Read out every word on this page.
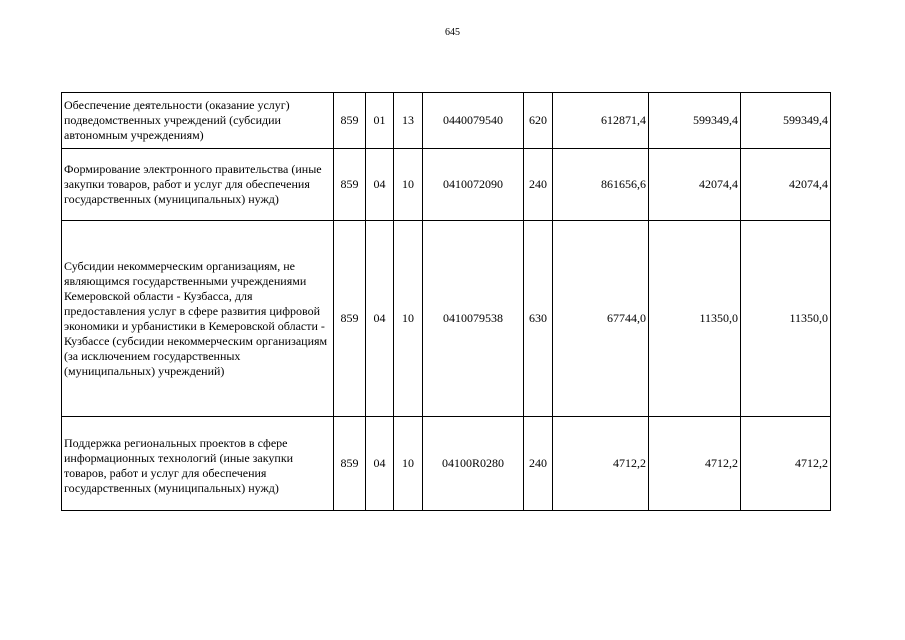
645
Обеспечение деятельности (оказание услуг) подведомственных учреждений (субсидии автономным учреждениям)	859	01	13	0440079540	620	612871,4	599349,4	599349,4
Формирование электронного правительства (иные закупки товаров, работ и услуг для обеспечения государственных (муниципальных) нужд)	859	04	10	0410072090	240	861656,6	42074,4	42074,4
Субсидии некоммерческим организациям, не являющимся государственными учреждениями Кемеровской области - Кузбасса, для предоставления услуг в сфере развития цифровой экономики и урбанистики в Кемеровской области - Кузбассе (субсидии некоммерческим организациям (за исключением государственных (муниципальных) учреждений)	859	04	10	0410079538	630	67744,0	11350,0	11350,0
Поддержка региональных проектов в сфере информационных технологий (иные закупки товаров, работ и услуг для обеспечения государственных (муниципальных) нужд)	859	04	10	04100R0280	240	4712,2	4712,2	4712,2
